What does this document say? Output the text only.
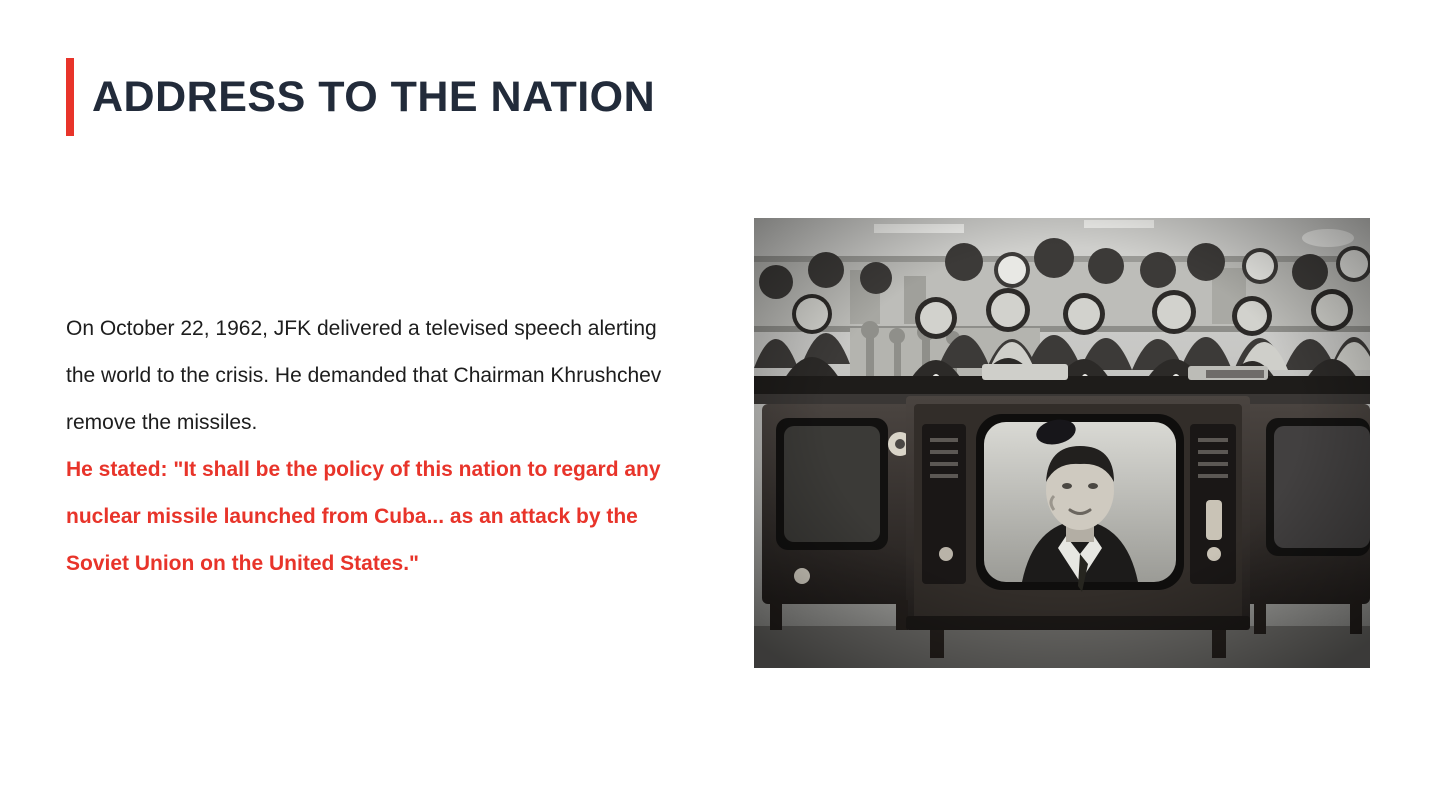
ADDRESS TO THE NATION

On October 22, 1962, JFK delivered a televised speech alerting the world to the crisis. He demanded that Chairman Khrushchev remove the missiles.

He stated: "It shall be the policy of this nation to regard any nuclear missile launched from Cuba... as an attack by the Soviet Union on the United States."
